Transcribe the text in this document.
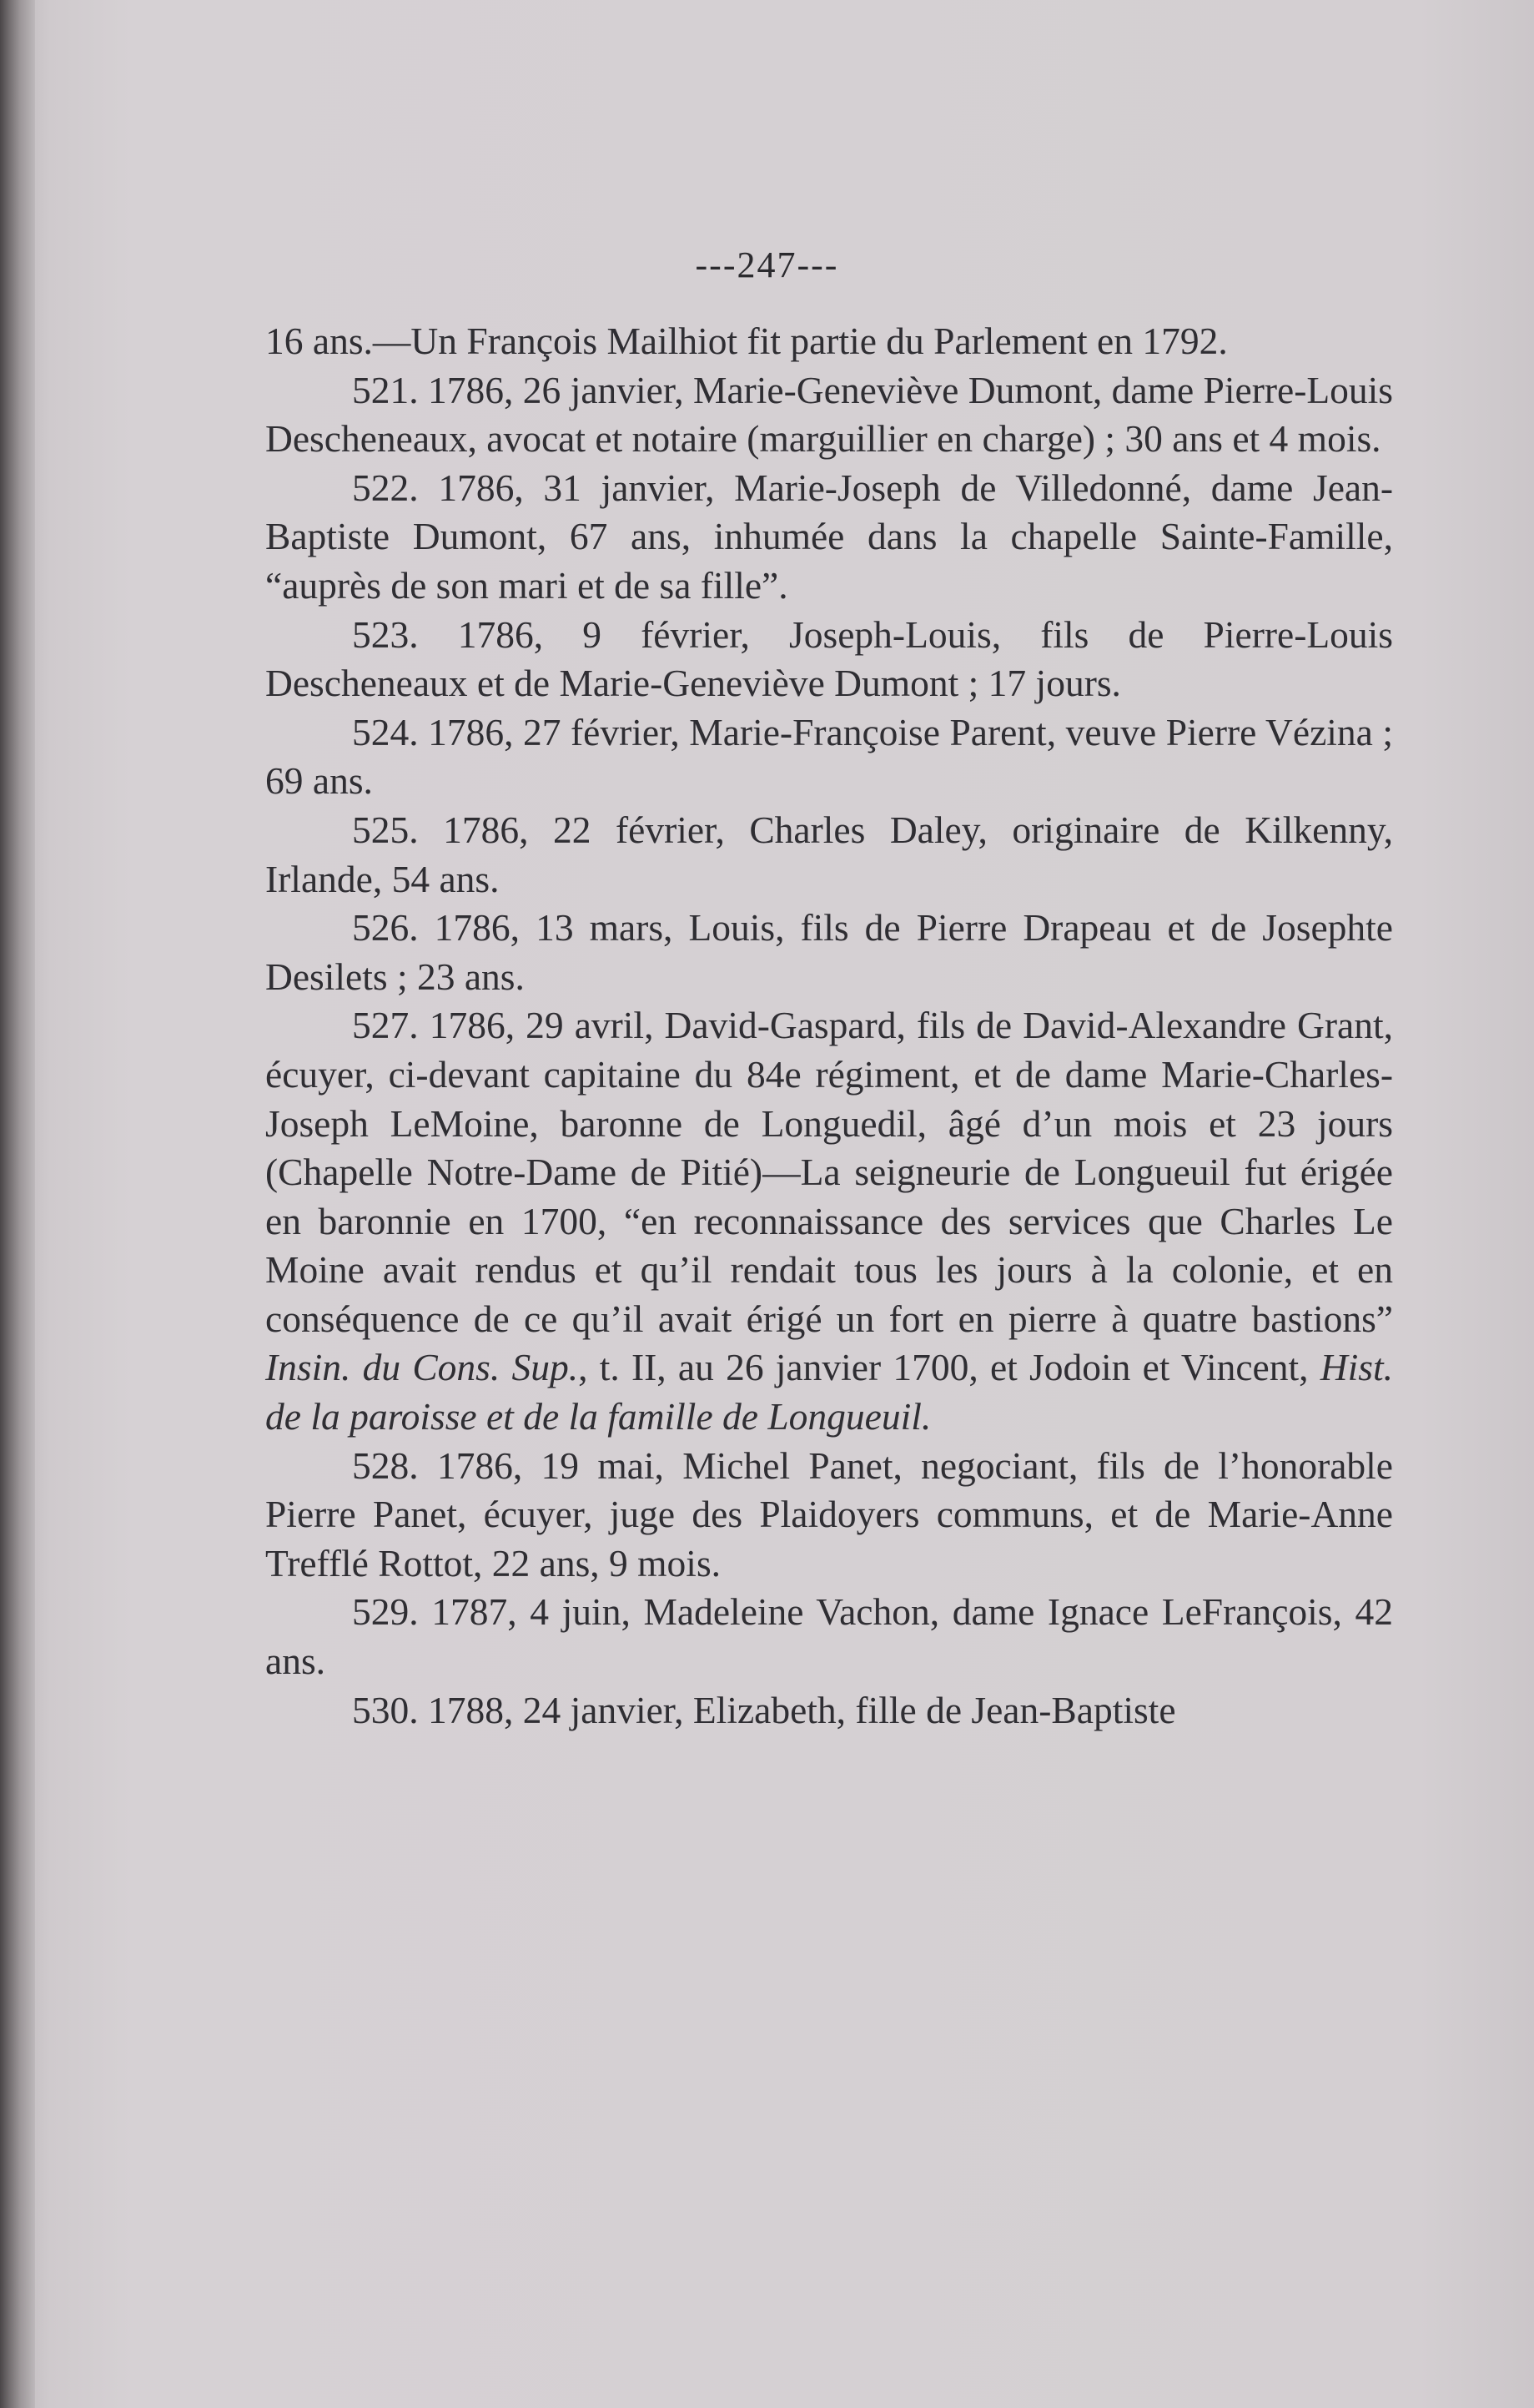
---247---

16 ans.—Un François Mailhiot fit partie du Parlement en 1792.

521. 1786, 26 janvier, Marie-Geneviève Dumont, dame Pierre-Louis Descheneaux, avocat et notaire (marguillier en charge) ; 30 ans et 4 mois.

522. 1786, 31 janvier, Marie-Joseph de Villedonné, dame Jean-Baptiste Dumont, 67 ans, inhumée dans la chapelle Sainte-Famille, “auprès de son mari et de sa fille”.

523. 1786, 9 février, Joseph-Louis, fils de Pierre-Louis Descheneaux et de Marie-Geneviève Dumont ; 17 jours.

524. 1786, 27 février, Marie-Françoise Parent, veuve Pierre Vézina ; 69 ans.

525. 1786, 22 février, Charles Daley, originaire de Kilkenny, Irlande, 54 ans.

526. 1786, 13 mars, Louis, fils de Pierre Drapeau et de Josephte Desilets ; 23 ans.

527. 1786, 29 avril, David-Gaspard, fils de David-Alexandre Grant, écuyer, ci-devant capitaine du 84e régiment, et de dame Marie-Charles-Joseph LeMoine, baronne de Longuedil, âgé d’un mois et 23 jours (Chapelle Notre-Dame de Pitié)—La seigneurie de Longueuil fut érigée en baronnie en 1700, “en reconnaissance des services que Charles Le Moine avait rendus et qu’il rendait tous les jours à la colonie, et en conséquence de ce qu’il avait érigé un fort en pierre à quatre bastions” Insin. du Cons. Sup., t. II, au 26 janvier 1700, et Jodoin et Vincent, Hist. de la paroisse et de la famille de Longueuil.

528. 1786, 19 mai, Michel Panet, negociant, fils de l’honorable Pierre Panet, écuyer, juge des Plaidoyers communs, et de Marie-Anne Trefflé Rottot, 22 ans, 9 mois.

529. 1787, 4 juin, Madeleine Vachon, dame Ignace LeFrançois, 42 ans.

530. 1788, 24 janvier, Elizabeth, fille de Jean-Baptiste
